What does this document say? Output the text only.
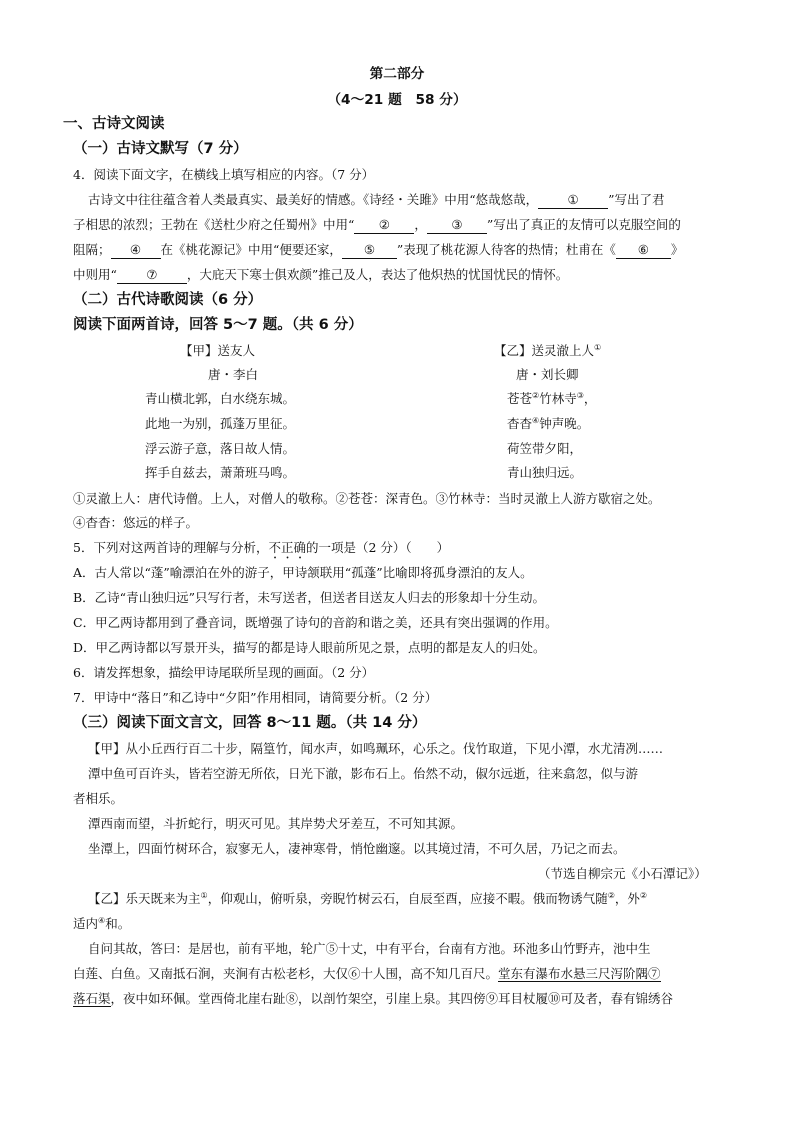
第二部分
（4～21 题　58 分）
一、古诗文阅读
（一）古诗文默写（7 分）
4．阅读下面文字，在横线上填写相应的内容。（7 分）
古诗文中往往蕴含着人类最真实、最美好的情感。《诗经・关雎》中用“悠哉悠哉， ① ”写出了君
子相思的浓烈；王勃在《送杜少府之任蜀州》中用“ ② ， ③ ”写出了真正的友情可以克服空间的
阻隔； ④ 在《桃花源记》中用“便要还家， ⑤ ”表现了桃花源人待客的热情；杜甫在《 ⑥ 》
中则用“ ⑦ ，大庇天下寒士俱欢颜”推己及人，表达了他炽热的忧国忧民的情怀。
（二）古代诗歌阅读（6 分）
阅读下面两首诗，回答 5～7 题。（共 6 分）
【甲】送友人
唐・李白
青山横北郭，白水绕东城。
此地一为别，孤蓬万里征。
浮云游子意，落日故人情。
挥手自兹去，萧萧班马鸣。
【乙】送灵澈上人①
唐・刘长卿
苍苍②竹林寺③，
杳杳④钟声晚。
荷笠带夕阳，
青山独归远。
①灵澈上人：唐代诗僧。上人，对僧人的敬称。②苍苍：深青色。③竹林寺：当时灵澈上人游方歇宿之处。
④杳杳：悠远的样子。
5．下列对这两首诗的理解与分析，不正确的一项是（2 分）（　　）
A．古人常以“蓬”喻漂泊在外的游子，甲诗颔联用“孤蓬”比喻即将孤身漂泊的友人。
B．乙诗“青山独归远”只写行者，未写送者，但送者目送友人归去的形象却十分生动。
C．甲乙两诗都用到了叠音词，既增强了诗句的音韵和谐之美，还具有突出强调的作用。
D．甲乙两诗都以写景开头，描写的都是诗人眼前所见之景，点明的都是友人的归处。
6．请发挥想象，描绘甲诗尾联所呈现的画面。（2 分）
7．甲诗中“落日”和乙诗中“夕阳”作用相同，请简要分析。（2 分）
（三）阅读下面文言文，回答 8～11 题。（共 14 分）
【甲】从小丘西行百二十步，隔篁竹，闻水声，如鸣珮环，心乐之。伐竹取道，下见小潭，水尤清冽……
潭中鱼可百许头，皆若空游无所依，日光下澈，影布石上。佁然不动，俶尔远逝，往来翕忽，似与游
者相乐。
潭西南而望，斗折蛇行，明灭可见。其岸势犬牙差互，不可知其源。
坐潭上，四面竹树环合，寂寥无人，凄神寒骨，悄怆幽邃。以其境过清，不可久居，乃记之而去。
（节选自柳宗元《小石潭记》）
【乙】乐天既来为主①，仰观山，俯听泉，旁睨竹树云石，自辰至酉，应接不暇。俄而物诱气随②，外②
适内④和。
自问其故，答曰：是居也，前有平地，轮广⑤十丈，中有平台，台南有方池。环池多山竹野卉，池中生
白莲、白鱼。又南抵石涧，夹涧有古松老杉，大仅⑥十人围，高不知几百尺。堂东有瀑布水悬三尺泻阶隅⑦
落石渠，夜中如环佩。堂西倚北崖右趾⑧，以剖竹架空，引崖上泉。其四傍⑨耳目杖履⑩可及者，春有锦绣谷
